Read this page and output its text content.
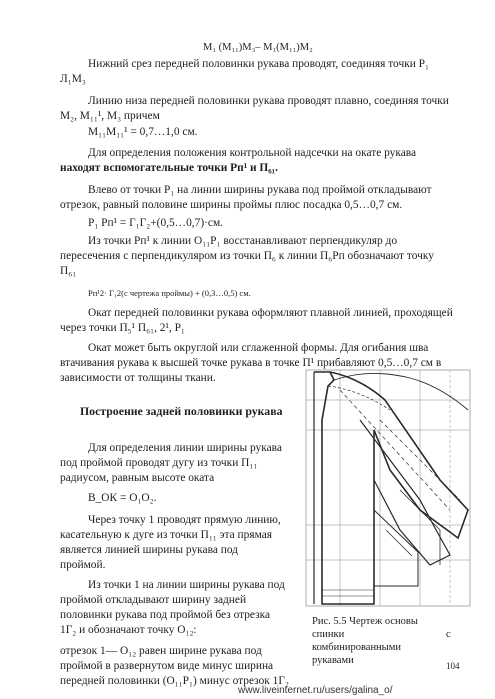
M₁ (M₁₁)M₃– M₁(M₁₁)M₂

Нижний срез передней половинки рукава проводят, соединяя точки P₁

Л₁М₃

Линию низа передней половинки рукава проводят плавно, соединяя точки

М₂, М₁₁¹, М₃ причем

М₁₁М₁₁¹ = 0,7…1,0 см.

Для определения положения контрольной надсечки на окате рукава

находят вспомогательные точки Рп¹ и П₆₁.

Влево от точки Р₁ на линии ширины рукава под проймой откладывают

отрезок, равный половине ширины проймы плюс посадка 0,5…0,7 см.

Р₁ Рп¹ = Г₁Г₂+(0,5…0,7)·см.

Из точки Рп¹ к линии О₁₁Р₁ восстанавливают перпендикуляр до

пересечения с перпендикуляром из точки П₆ к линии П₆Рп обозначают точку

П₆₁

Рп¹2· Г₁2(с чертежа проймы) + (0,3…0,5) см.

Окат передней половинки рукава оформляют плавной линией, проходящей

через точки П₅¹ П₆₁, 2¹, Р₁

Окат может быть округлой или сглаженной формы. Для огибания шва

втачивания рукава к высшей точке рукава в точке П¹ прибавляют 0,5…0,7 см в

зависимости от толщины ткани.

Построение задней половинки рукава

Для определения линии ширины рукава

под проймой проводят дугу из точки П₁₁

радиусом, равным высоте оката

В_ОК = О₁О₂.

Через точку 1 проводят прямую линию,

касательную к дуге из точки П₁₁ эта прямая

является линией ширины рукава под

проймой.

Из точки 1 на линии ширины рукава под

проймой откладывают ширину задней

половинки рукава под проймой без отрезка

1Г₂ и обозначают точку О₁₂:

отрезок 1— О₁₂ равен ширине рукава под

проймой в развернутом виде минус ширина

передней половинки (О₁₁Р₁) минус отрезок 1Г₂

Рис. 5.5 Чертеж основы

спинки	с

комбинированными

рукавами	104

www.liveinternet.ru/users/galina_o/
